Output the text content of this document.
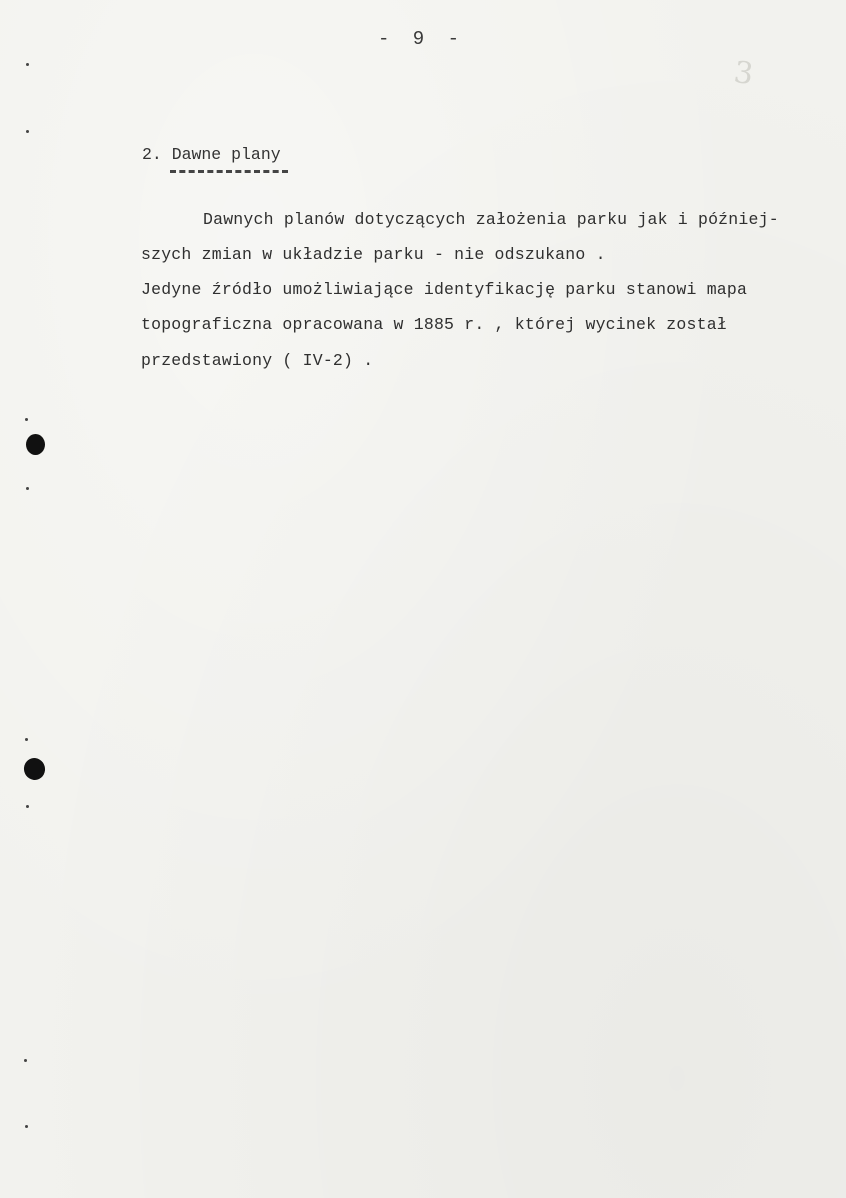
- 9 -
3
2. Dawne plany
Dawnych planów dotyczących założenia parku jak i później-
szych zmian w układzie parku - nie odszukano .
Jedyne źródło umożliwiające identyfikację parku stanowi mapa
topograficzna opracowana w 1885 r. , której wycinek został
przedstawiony ( IV-2) .
